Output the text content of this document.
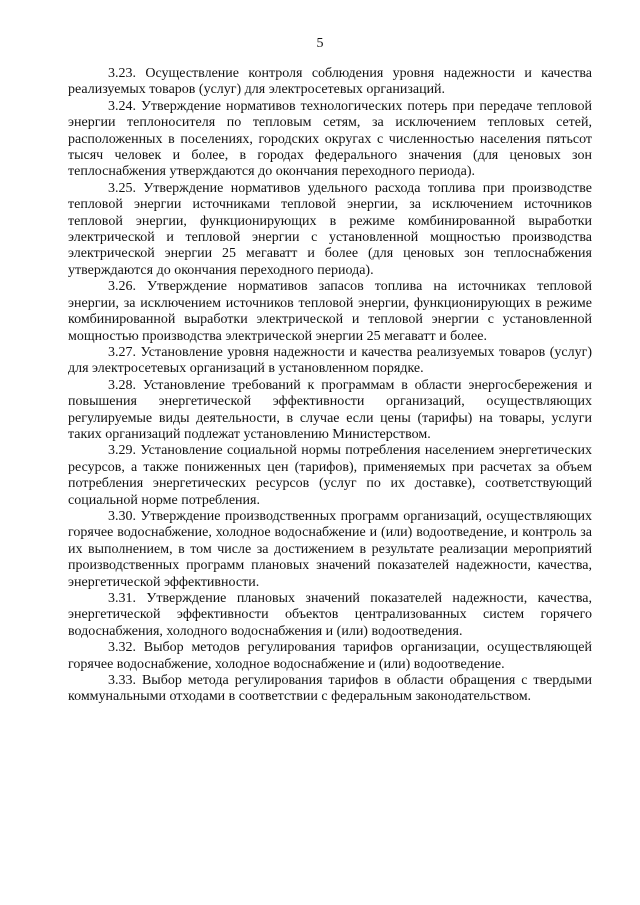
5

3.23. Осуществление контроля соблюдения уровня надежности и качества реализуемых товаров (услуг) для электросетевых организаций.

3.24. Утверждение нормативов технологических потерь при передаче тепловой энергии теплоносителя по тепловым сетям, за исключением тепловых сетей, расположенных в поселениях, городских округах с численностью населения пятьсот тысяч человек и более, в городах федерального значения (для ценовых зон теплоснабжения утверждаются до окончания переходного периода).

3.25. Утверждение нормативов удельного расхода топлива при производстве тепловой энергии источниками тепловой энергии, за исключением источников тепловой энергии, функционирующих в режиме комбинированной выработки электрической и тепловой энергии с установленной мощностью производства электрической энергии 25 мегаватт и более (для ценовых зон теплоснабжения утверждаются до окончания переходного периода).

3.26. Утверждение нормативов запасов топлива на источниках тепловой энергии, за исключением источников тепловой энергии, функционирующих в режиме комбинированной выработки электрической и тепловой энергии с установленной мощностью производства электрической энергии 25 мегаватт и более.

3.27. Установление уровня надежности и качества реализуемых товаров (услуг) для электросетевых организаций в установленном порядке.

3.28. Установление требований к программам в области энергосбережения и повышения энергетической эффективности организаций, осуществляющих регулируемые виды деятельности, в случае если цены (тарифы) на товары, услуги таких организаций подлежат установлению Министерством.

3.29. Установление социальной нормы потребления населением энергетических ресурсов, а также пониженных цен (тарифов), применяемых при расчетах за объем потребления энергетических ресурсов (услуг по их доставке), соответствующий социальной норме потребления.

3.30. Утверждение производственных программ организаций, осуществляющих горячее водоснабжение, холодное водоснабжение и (или) водоотведение, и контроль за их выполнением, в том числе за достижением в результате реализации мероприятий производственных программ плановых значений показателей надежности, качества, энергетической эффективности.

3.31. Утверждение плановых значений показателей надежности, качества, энергетической эффективности объектов централизованных систем горячего водоснабжения, холодного водоснабжения и (или) водоотведения.

3.32. Выбор методов регулирования тарифов организации, осуществляющей горячее водоснабжение, холодное водоснабжение и (или) водоотведение.

3.33. Выбор метода регулирования тарифов в области обращения с твердыми коммунальными отходами в соответствии с федеральным законодательством.
